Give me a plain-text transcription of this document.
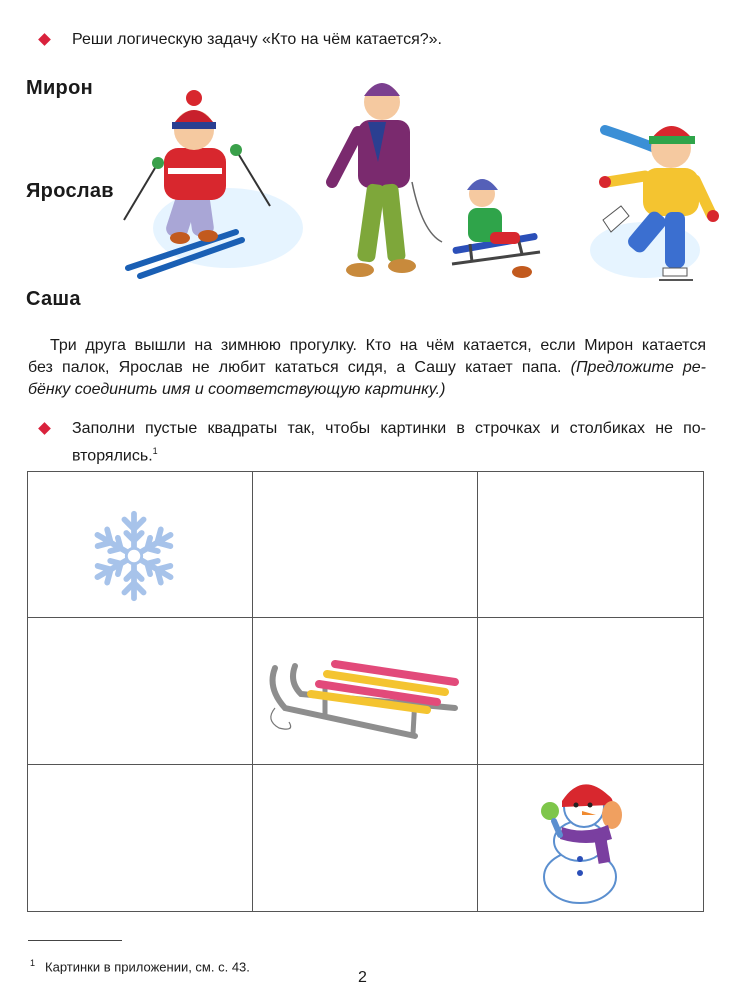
Реши логическую задачу «Кто на чём катается?».
Мирон
Ярослав
Саша
Три друга вышли на зимнюю прогулку. Кто на чём катается, если Мирон катается
без палок, Ярослав не любит кататься сидя, а Сашу катает папа. (Предложите ре-
бёнку соединить имя и соответствующую картинку.)
Заполни пустые квадраты так, чтобы картинки в строчках и столбиках не по-
вторялись.$^1$
$^1$ Картинки в приложении, см. с. 43.
2
